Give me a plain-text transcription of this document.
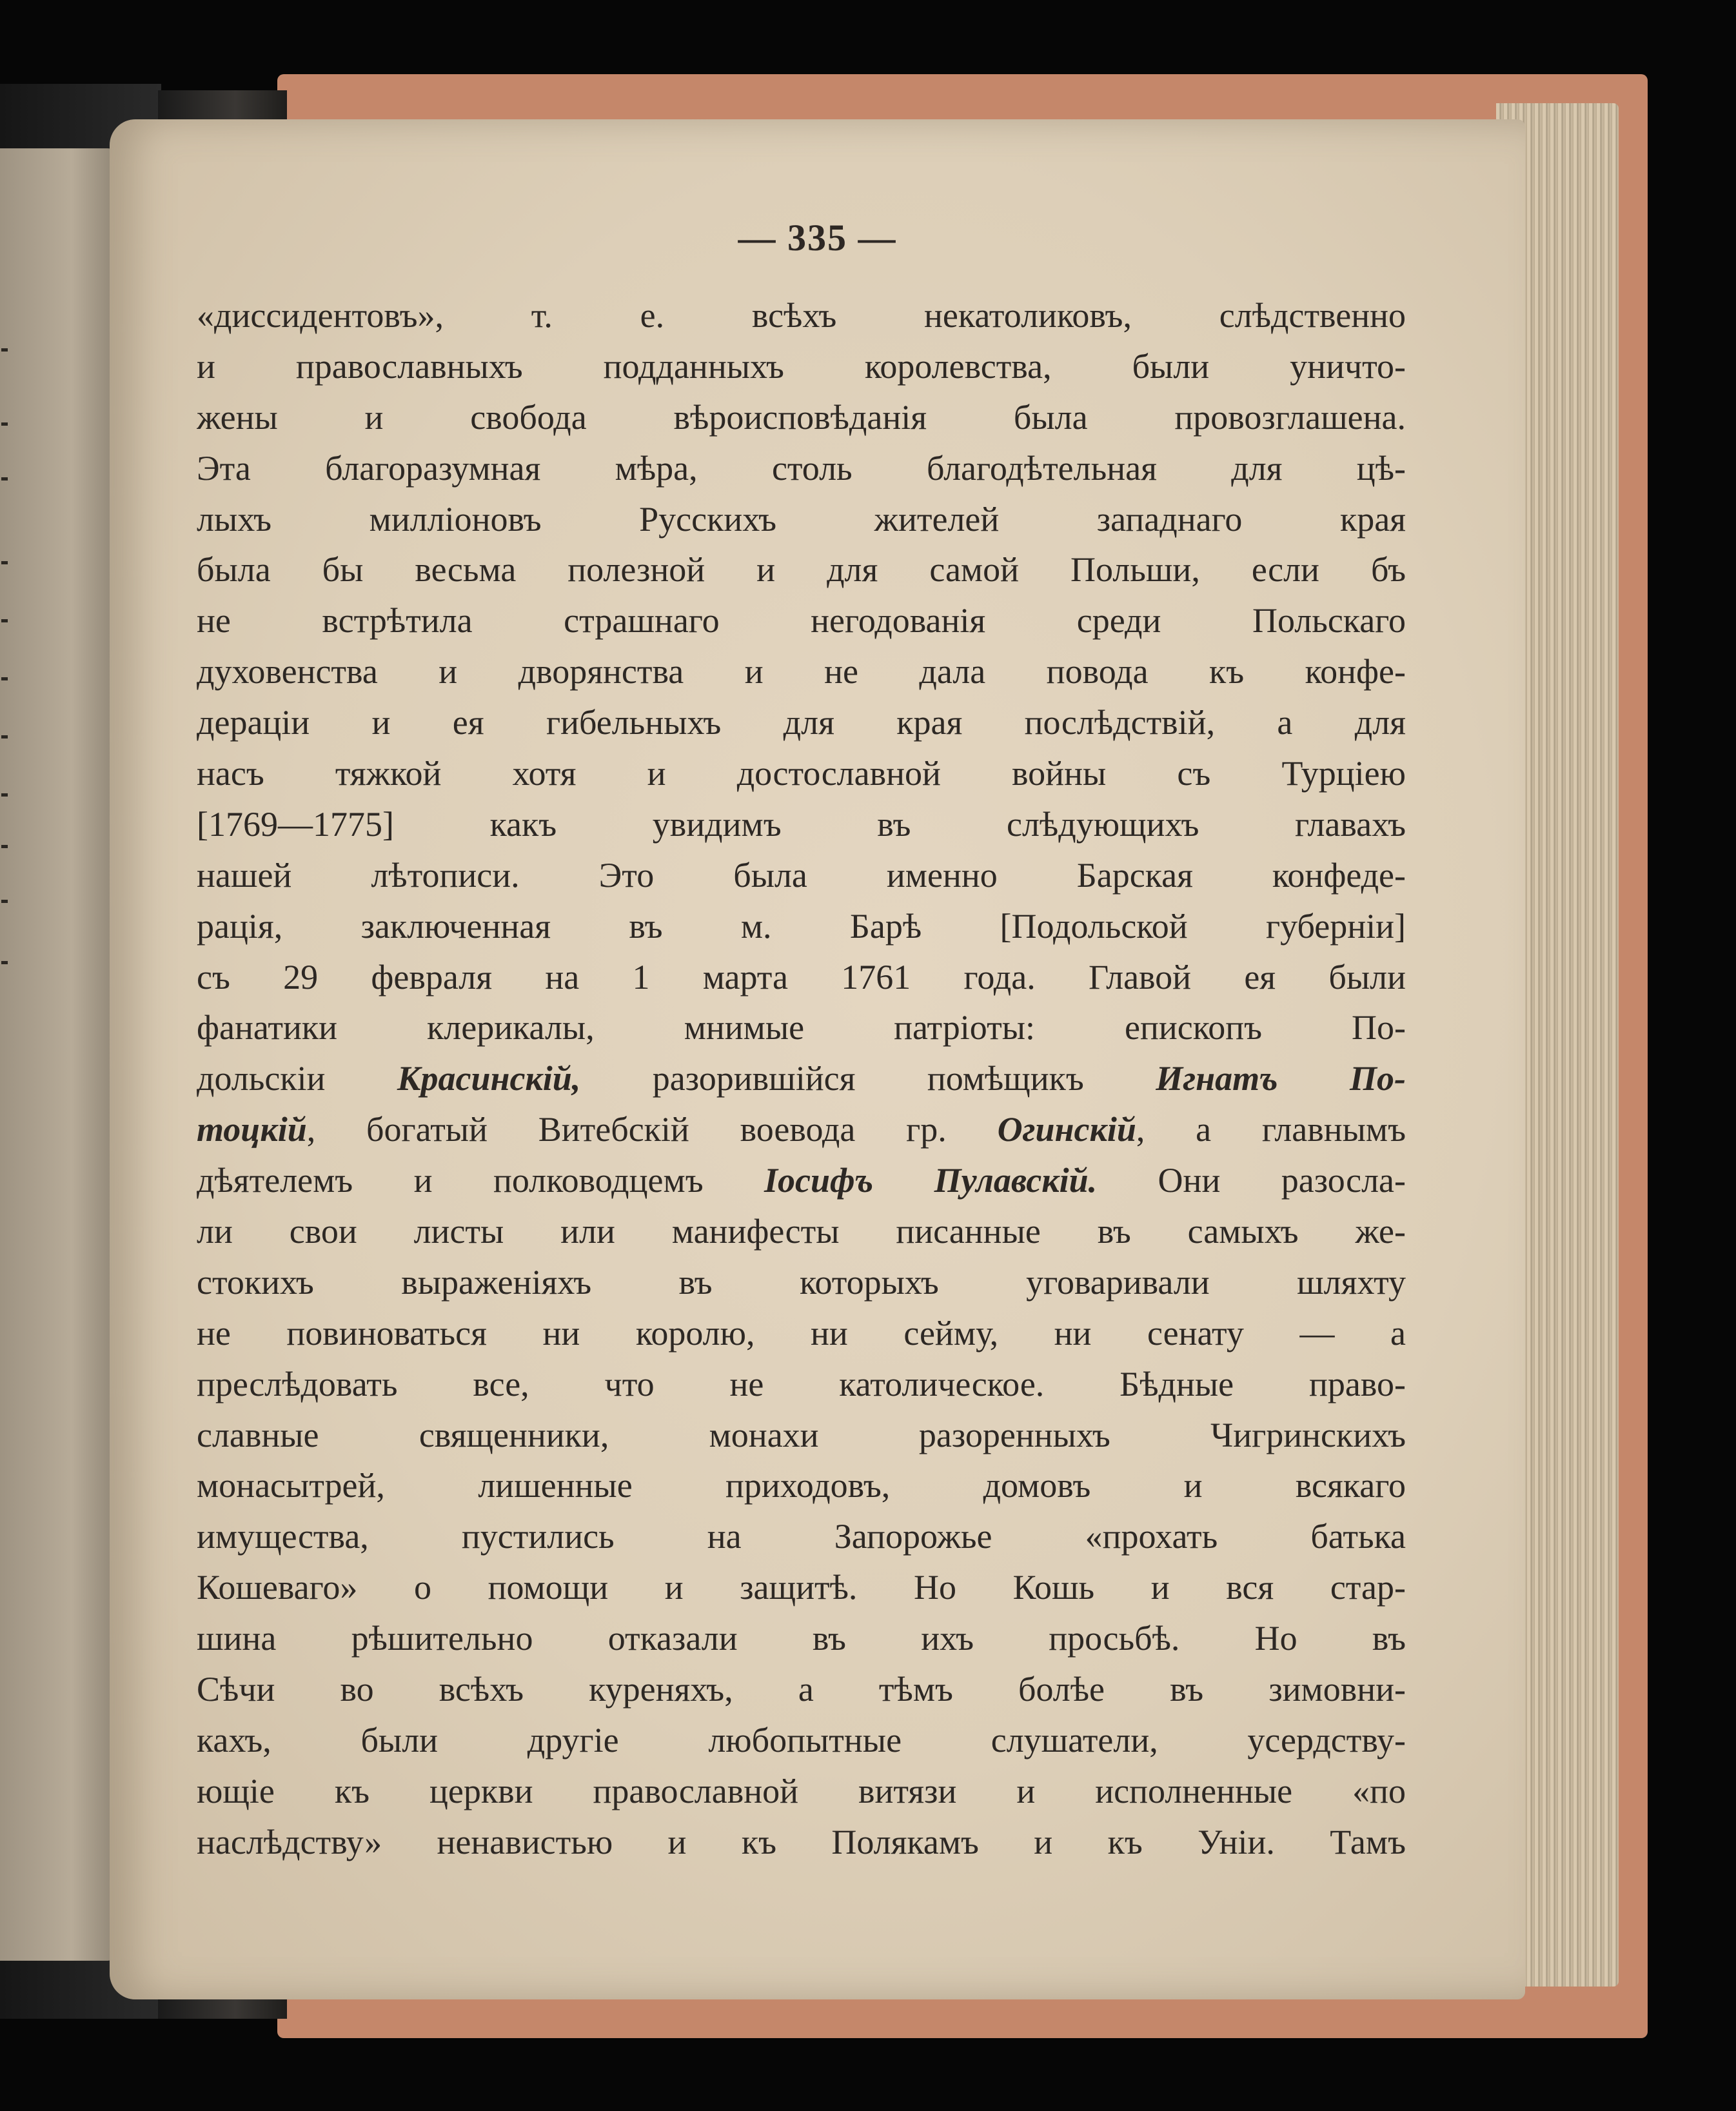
— 335 —
«диссидентовъ», т. е. всѣхъ некатоликовъ, слѣдственно
и православныхъ подданныхъ королевства, были уничто-
жены и свобода вѣроисповѣданія была провозглашена.
Эта благоразумная мѣра, столь благодѣтельная для цѣ-
лыхъ милліоновъ Русскихъ жителей западнаго края
была бы весьма полезной и для самой Польши, если бъ
не встрѣтила страшнаго негодованія среди Польскаго
духовенства и дворянства и не дала повода къ конфе-
дераціи и ея гибельныхъ для края послѣдствій, а для
насъ тяжкой хотя и достославной войны съ Турціею
[1769—1775] какъ увидимъ въ слѣдующихъ главахъ
нашей лѣтописи. Это была именно Барская конфеде-
рація, заключенная въ м. Барѣ [Подольской губерніи]
съ 29 февраля на 1 марта 1761 года. Главой ея были
фанатики клерикалы, мнимые патріоты: епископъ По-
дольскіи Красинскій, разорившійся помѣщикъ Игнатъ По-
тоцкій, богатый Витебскій воевода гр. Огинскій, а главнымъ
дѣятелемъ и полководцемъ Іосифъ Пулавскій. Они разосла-
ли свои листы или манифесты писанные въ самыхъ же-
стокихъ выраженіяхъ въ которыхъ уговаривали шляхту
не повиноваться ни королю, ни сейму, ни сенату — а
преслѣдовать все, что не католическое. Бѣдные право-
славные священники, монахи разоренныхъ Чигринскихъ
монасытрей, лишенные приходовъ, домовъ и всякаго
имущества, пустились на Запорожье «прохать батька
Кошеваго» о помощи и защитѣ. Но Кошь и вся стар-
шина рѣшительно отказали въ ихъ просьбѣ. Но въ
Сѣчи во всѣхъ куреняхъ, а тѣмъ болѣе въ зимовни-
кахъ, были другіе любопытные слушатели, усердству-
ющіе къ церкви православной витязи и исполненные «по
наслѣдству» ненавистью и къ Полякамъ и къ Уніи. Тамъ
